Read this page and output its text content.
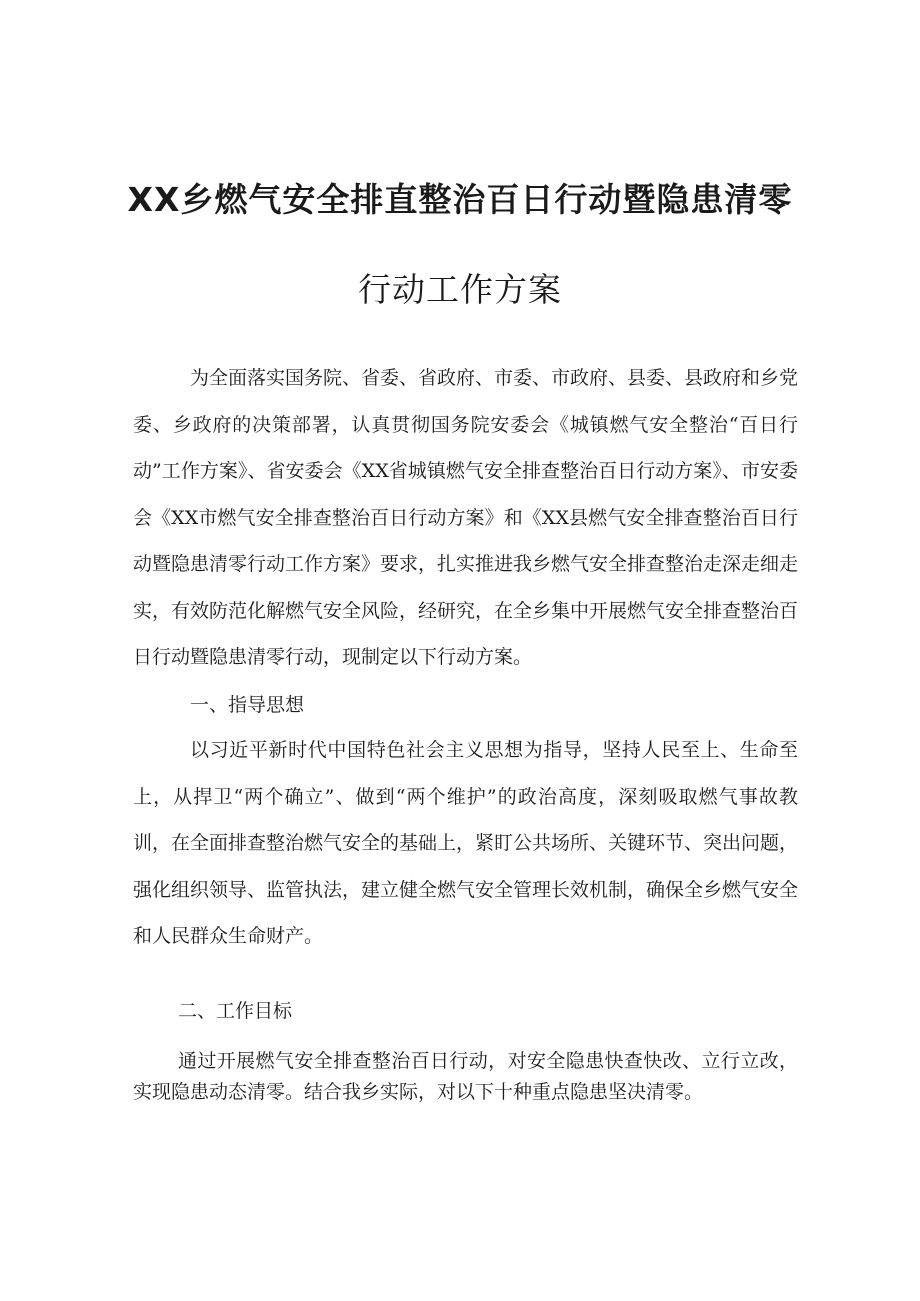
XX乡燃气安全排直整治百日行动暨隐患清零
行动工作方案

为全面落实国务院、省委、省政府、市委、市政府、县委、县政府和乡党委、乡政府的决策部署，认真贯彻国务院安委会《城镇燃气安全整治“百日行动”工作方案》、省安委会《XX省城镇燃气安全排查整治百日行动方案》、市安委会《XX市燃气安全排查整治百日行动方案》和《XX县燃气安全排查整治百日行动暨隐患清零行动工作方案》要求，扎实推进我乡燃气安全排查整治走深走细走实，有效防范化解燃气安全风险，经研究，在全乡集中开展燃气安全排查整治百日行动暨隐患清零行动，现制定以下行动方案。

一、指导思想

以习近平新时代中国特色社会主义思想为指导，坚持人民至上、生命至上，从捍卫“两个确立”、做到“两个维护”的政治高度，深刻吸取燃气事故教训，在全面排查整治燃气安全的基础上，紧盯公共场所、关键环节、突出问题，强化组织领导、监管执法，建立健全燃气安全管理长效机制，确保全乡燃气安全和人民群众生命财产。

二、工作目标

通过开展燃气安全排查整治百日行动，对安全隐患快查快改、立行立改，实现隐患动态清零。结合我乡实际，对以下十种重点隐患坚决清零。
